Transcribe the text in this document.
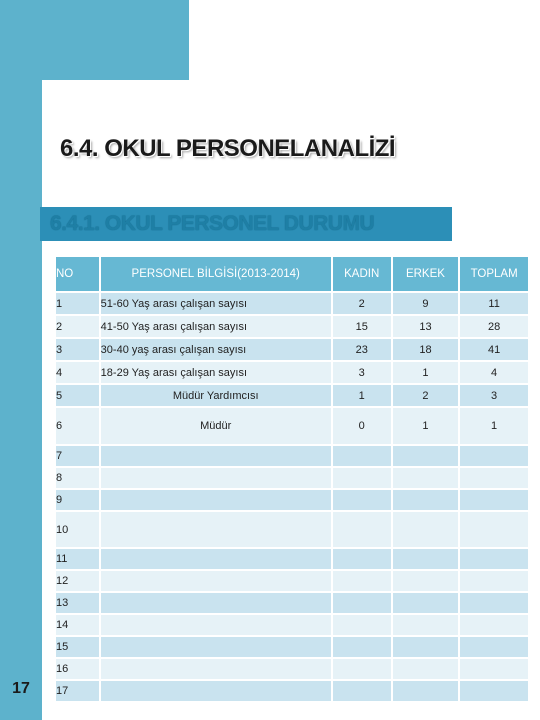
17
6.4. OKUL PERSONELANALİZİ
6.4.1. OKUL PERSONEL DURUMU
NO	PERSONEL BİLGİSİ(2013-2014)	KADIN	ERKEK	TOPLAM
1	51-60 Yaş arası çalışan sayısı	2	9	11
2	41-50 Yaş arası çalışan sayısı	15	13	28
3	30-40 yaş arası çalışan sayısı	23	18	41
4	18-29 Yaş arası çalışan sayısı	3	1	4
5	Müdür Yardımcısı	1	2	3
6	Müdür	0	1	1
7				
8				
9				
10				
11				
12				
13				
14				
15				
16				
17				
